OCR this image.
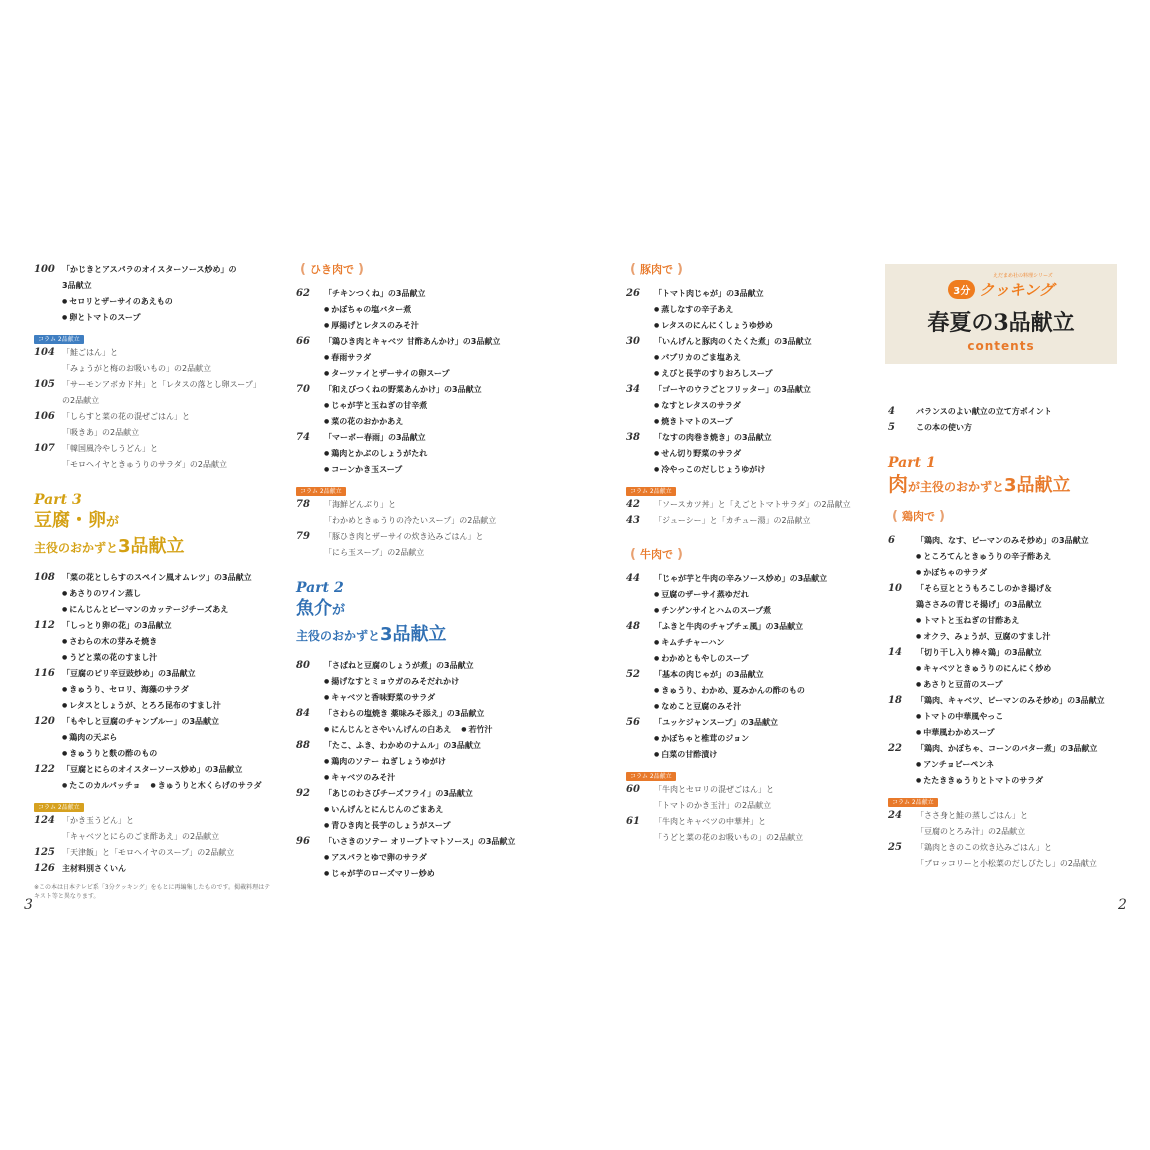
100 「かじきとアスパラのオイスターソース炒め」の
3品献立
● セロリとザーサイのあえもの
● 卵とトマトのスープ
コラム 2品献立
104 「鮭ごはん」と
「みょうがと梅のお吸いもの」の2品献立
105 「サーモンアボカド丼」と「レタスの落とし卵スープ」
の2品献立
106 「しらすと菜の花の混ぜごはん」と
「吸きあ」の2品献立
107 「韓国風冷やしうどん」と
「モロヘイヤときゅうりのサラダ」の2品献立
Part 3
豆腐・卵が
主役のおかずと3品献立
108 「菜の花としらすのスペイン風オムレツ」の3品献立
● あさりのワイン蒸し
● にんじんとピーマンのカッテージチーズあえ
112 「しっとり卵の花」の3品献立
● さわらの木の芽みそ焼き
● うどと菜の花のすまし汁
116 「豆腐のピリ辛豆豉炒め」の3品献立
● きゅうり、セロリ、海藻のサラダ
● レタスとしょうが、とろろ昆布のすまし汁
120 「もやしと豆腐のチャンプルー」の3品献立
● 鶏肉の天ぷら
● きゅうりと麩の酢のもの
122 「豆腐とにらのオイスターソース炒め」の3品献立
● たこのカルパッチョ ● きゅうりと木くらげのサラダ
コラム 2品献立
124 「かき玉うどん」と
「キャベツとにらのごま酢あえ」の2品献立
125 「天津飯」と「モロヘイヤのスープ」の2品献立
126 主材料別さくいん
※この本は日本テレビ系「3分クッキング」をもとに再編集したものです。掲載料理はテキスト等と異なります。
( ひき肉で )
62	「チキンつくね」の3品献立
● かぼちゃの塩バター煮
● 厚揚げとレタスのみそ汁
66	「鶏ひき肉とキャベツ 甘酢あんかけ」の3品献立
● 春雨サラダ
● ターツァイとザーサイの卵スープ
70	「和えびつくねの野菜あんかけ」の3品献立
● じゃが芋と玉ねぎの甘辛煮
● 菜の花のおかかあえ
74	「マーボー春雨」の3品献立
● 鶏肉とかぶのしょうがたれ
● コーンかき玉スープ
コラム 2品献立
78	「海鮮どんぶり」と
「わかめときゅうりの冷たいスープ」の2品献立
79	「豚ひき肉とザーサイの炊き込みごはん」と
「にら玉スープ」の2品献立
Part 2
魚介が
主役のおかずと3品献立
80	「さばねと豆腐のしょうが煮」の3品献立
● 揚げなすとミョウガのみそだれかけ
● キャベツと香味野菜のサラダ
84	「さわらの塩焼き 薬味みそ添え」の3品献立
● にんじんとさやいんげんの白あえ ● 若竹汁
88	「たこ、ふき、わかめのナムル」の3品献立
● 鶏肉のソテー ねぎしょうゆがけ
● キャベツのみそ汁
92	「あじのわさびチーズフライ」の3品献立
● いんげんとにんじんのごまあえ
● 青ひき肉と長芋のしょうがスープ
96	「いさきのソテー オリーブトマトソース」の3品献立
● アスパラとゆで卵のサラダ
● じゃが芋のローズマリー炒め
( 豚肉で )
26	「トマト肉じゃが」の3品献立
● 蒸しなすの辛子あえ
● レタスのにんにくしょうゆ炒め
30	「いんげんと豚肉のくたくた煮」の3品献立
● パプリカのごま塩あえ
● えびと長芋のすりおろしスープ
34	「ゴーヤのウラごとフリッター」の3品献立
● なすとレタスのサラダ
● 焼きトマトのスープ
38	「なすの肉巻き焼き」の3品献立
● せん切り野菜のサラダ
● 冷やっこのだしじょうゆがけ
コラム 2品献立
42	「ソースカツ丼」と「えごとトマトサラダ」の2品献立
43	「ジューシー」と「カチュー湯」の2品献立
( 牛肉で )
44	「じゃが芋と牛肉の辛みソース炒め」の3品献立
● 豆腐のザーサイ蒸ゆだれ
● チンゲンサイとハムのスープ煮
48	「ふきと牛肉のチャプチェ風」の3品献立
● キムチチャーハン
● わかめともやしのスープ
52	「基本の肉じゃが」の3品献立
● きゅうり、わかめ、夏みかんの酢のもの
● なめこと豆腐のみそ汁
56	「ユッケジャンスープ」の3品献立
● かぼちゃと椎茸のジョン
● 白菜の甘酢漬け
コラム 2品献立
60	「牛肉とセロリの混ぜごはん」と
「トマトのかき玉汁」の2品献立
61	「牛肉とキャベツの中華丼」と
「うどと菜の花のお吸いもの」の2品献立
えだまめ社の料理シリーズ
3分 クッキング
春夏の3品献立
contents
4	バランスのよい献立の立て方ポイント
5	この本の使い方
Part 1
肉が主役のおかずと3品献立
( 鶏肉で )
6	「鶏肉、なす、ピーマンのみそ炒め」の3品献立
● ところてんときゅうりの辛子酢あえ
● かぼちゃのサラダ
10	「そら豆ととうもろこしのかき揚げ＆
鶏ささみの青じそ揚げ」の3品献立
● トマトと玉ねぎの甘酢あえ
● オクラ、みょうが、豆腐のすまし汁
14	「切り干し入り棒々鶏」の3品献立
● キャベツときゅうりのにんにく炒め
● あさりと豆苗のスープ
18	「鶏肉、キャベツ、ピーマンのみそ炒め」の3品献立
● トマトの中華風やっこ
● 中華風わかめスープ
22	「鶏肉、かぼちゃ、コーンのバター煮」の3品献立
● アンチョビーペンネ
● たたききゅうりとトマトのサラダ
コラム 2品献立
24	「ささ身と鮭の蒸しごはん」と
「豆腐のとろみ汁」の2品献立
25	「鶏肉ときのこの炊き込みごはん」と
「ブロッコリーと小松菜のだしびたし」の2品献立
3	2
